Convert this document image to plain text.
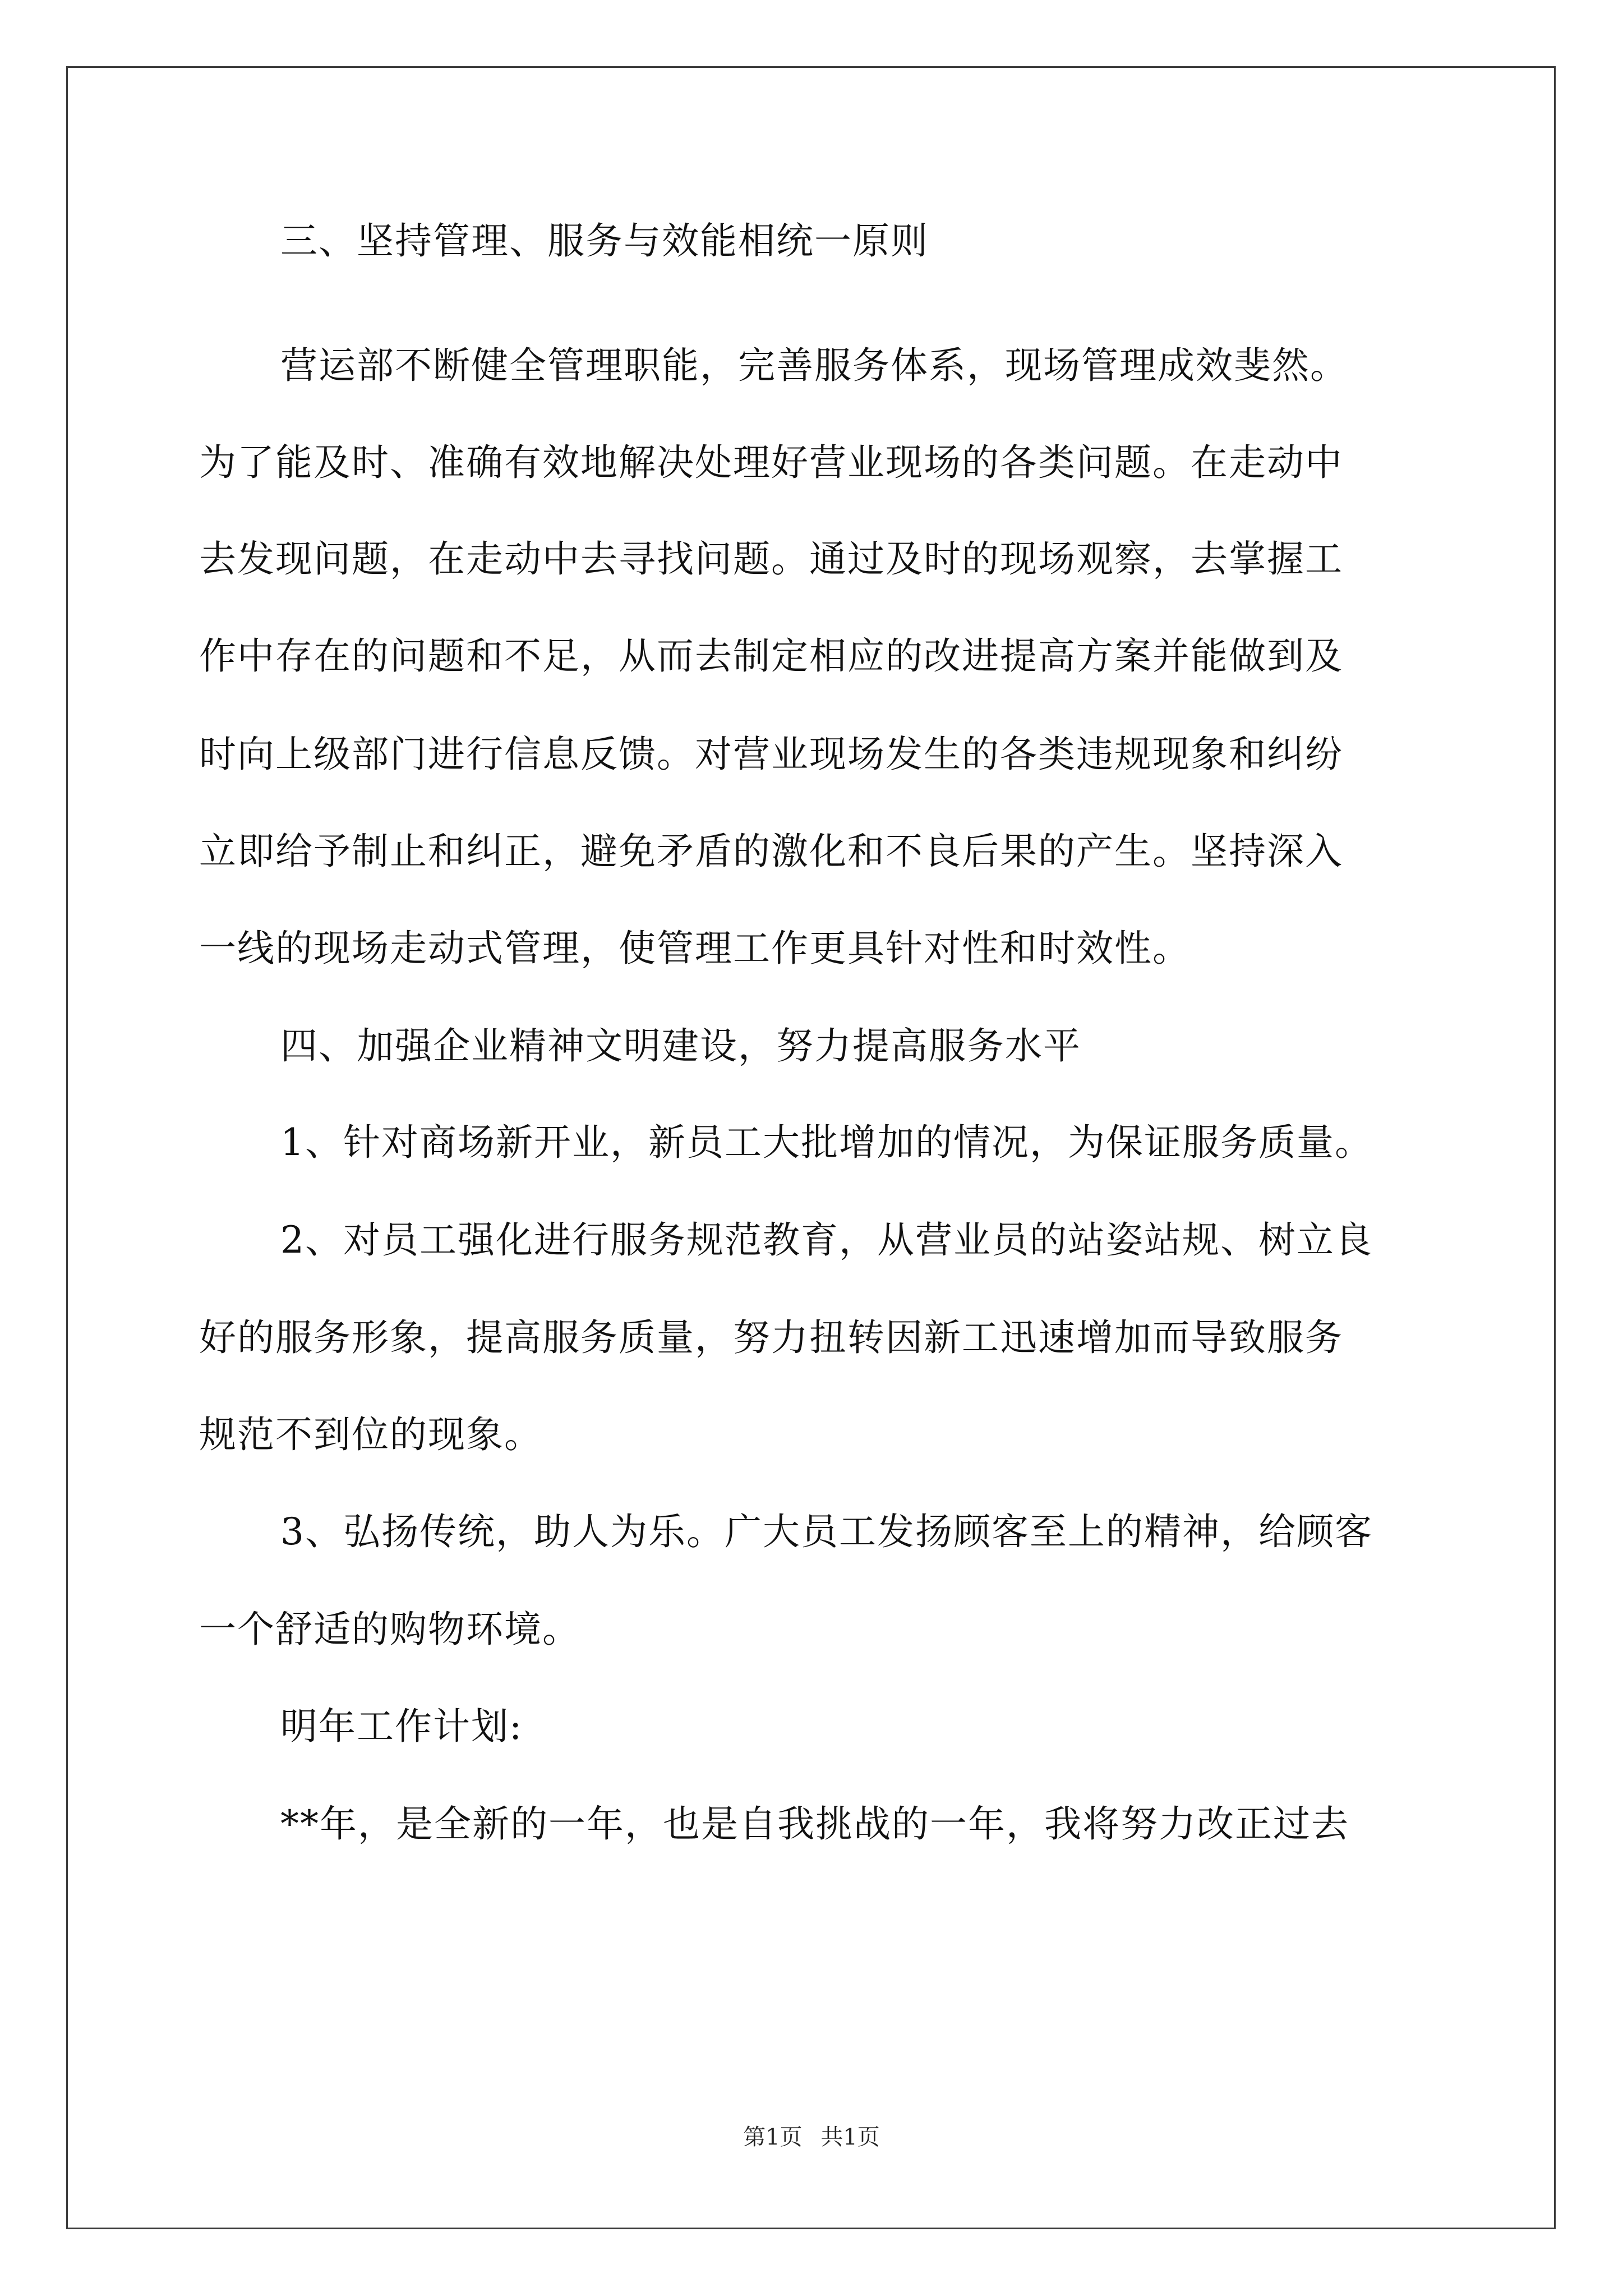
三、坚持管理、服务与效能相统一原则
营运部不断健全管理职能，完善服务体系，现场管理成效斐然。
为了能及时、准确有效地解决处理好营业现场的各类问题。在走动中
去发现问题，在走动中去寻找问题。通过及时的现场观察，去掌握工
作中存在的问题和不足，从而去制定相应的改进提高方案并能做到及
时向上级部门进行信息反馈。对营业现场发生的各类违规现象和纠纷
立即给予制止和纠正，避免矛盾的激化和不良后果的产生。坚持深入
一线的现场走动式管理，使管理工作更具针对性和时效性。
四、加强企业精神文明建设，努力提高服务水平
1、针对商场新开业，新员工大批增加的情况，为保证服务质量。
2、对员工强化进行服务规范教育，从营业员的站姿站规、树立良
好的服务形象，提高服务质量，努力扭转因新工迅速增加而导致服务
规范不到位的现象。
3、弘扬传统，助人为乐。广大员工发扬顾客至上的精神，给顾客
一个舒适的购物环境。
明年工作计划:
**年，是全新的一年，也是自我挑战的一年，我将努力改正过去
第1页 共1页
